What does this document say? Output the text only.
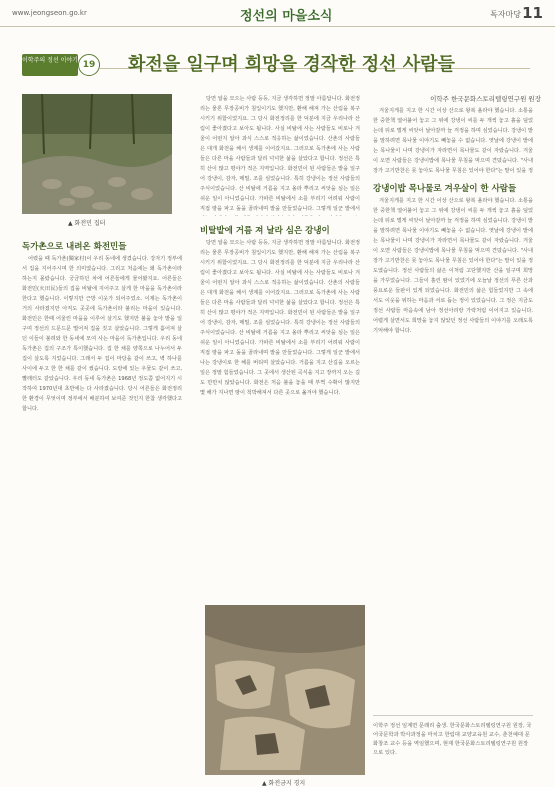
www.jeongseon.go.kr	정선의 마을소식	독자마당 11
이학주의 정선 이야기 19 화전을 일구며 희망을 경작한 정선 사람들
이학주 한국문화스토리텔링연구원 원장
▲ 화전민 집터
독가촌으로 내려온 화전민들

어렸을 때 독가촌(獨家村)이 우리 동네에 생겼습니다. 강자기 정부에서 집을 지어주시며 한 의미였습니다. 그리고 처음에는 왜 독가촌이라 하는지 몰랐습니다. 궁금하던 차에 어른들에게 물어봤지요. 어른들은 화전민(火田民)들의 집을 비탈에 지어주고 살게 한 마을을 독가촌이라 한다고 했습니다. 이렇지만 근방 이웃가 되어주었소. 이제는 독가촌이 거의 사라졌지만 아직도 곳곳에 독가촌이라 불리는 마을이 있습니다. 화전민은 한때 어울린 마을을 이루어 살기도 했지만 불을 놓아 밭을 일구며 정선의 드문드문 떨어져 집을 짓고 살았습니다. 그렇게 흩어져 살던 이들이 불려와 한 동네에 모여 사는 마을이 독가촌입니다. 우리 동네 독가촌은 집의 구조가 특이했습니다. 집 한 채를 양쪽으로 나누어서 두 집이 살도록 지었습니다. 그래서 두 집이 마당을 같이 쓰고, 벽 하나를 사이에 두고 한 한 채를 같이 썼습니다. 도랑에 있는 우물도 같이 쓰고, 빨래터도 같았습니다. 우리 동네 독가촌은 1968년 정도쯤 없어지기 시작하여 1970년대 초반에는 다 사라졌습니다. 당시 어른들은 화전정리 한 환경이 무엇이며 정부에서 배분하여 보여준 것인지 한참 생각했다고 합니다.

당면 알을 모으는 사람 등등, 지금 생각하면 정말 아름답니다. 화전정리는 물론 무장공비가 침입이기도 했지만, 환해 해져 가는 산림을 복구시키기 위함이었지요. 그 당시 화전정리를 한 덕분에 지금 우리나라 산림이 좋아졌다고 보아도 됩니다. 사실 비탈에 사는 사람들도 비로나 겨울이 어떤지 알아 과식 스스로 적응하는 삶이었습니다. 산촌의 사람들은 대개 화전을 해서 생계를 이어갔지요. 그러므로 독가촌에 사는 사람들은 다른 마을 사람들과 달리 넉넉한 삶을 살았다고 합니다. 정선은 특히 산이 많고 평야가 적은 지역입니다. 화전민이 된 사람들은 밭을 일구어 강냉이, 감자, 메밀, 조를 심었습니다. 특히 강냉이는 정선 사람들의 주식이었습니다. 산 비탈에 거름을 지고 올라 뿌리고 씨앗을 심는 일은 쉬운 일이 아니었습니다. 가파른 비탈에서 소를 부리기 어려워 사람이 직접 땅을 파고 돌을 골라내며 밭을 만들었습니다. 그렇게 일군 밭에서

비탈밭에 거름 져 날라 심은 강냉이

당면 알을 모으는 사람 등등, 지금 생각하면 정말 아름답니다. 화전정리는 물론 무장공비가 침입이기도 했지만, 환해 해져 가는 산림을 복구시키기 위함이었지요. 그 당시 화전정리를 한 덕분에 지금 우리나라 산림이 좋아졌다고 보아도 됩니다. 사실 비탈에 사는 사람들도 비로나 겨울이 어떤지 알아 과식 스스로 적응하는 삶이었습니다. 산촌의 사람들은 대개 화전을 해서 생계를 이어갔지요. 그러므로 독가촌에 사는 사람들은 다른 마을 사람들과 달리 넉넉한 삶을 살았다고 합니다. 정선은 특히 산이 많고 평야가 적은 지역입니다. 화전민이 된 사람들은 밭을 일구어 강냉이, 감자, 메밀, 조를 심었습니다. 특히 강냉이는 정선 사람들의 주식이었습니다. 산 비탈에 거름을 지고 올라 뿌리고 씨앗을 심는 일은 쉬운 일이 아니었습니다. 가파른 비탈에서 소를 부리기 어려워 사람이 직접 땅을 파고 돌을 골라내며 밭을 만들었습니다. 그렇게 일군 밭에서 나는 강냉이로 한 해를 버티며 살았습니다. 거름을 지고 산길을 오르는 일은 정말 힘들었습니다. 그 곳에서 생산된 곡식을 지고 장까지 오는 길도 만만치 않았습니다. 화전은 처음 불을 놓을 때 부쩍 수확이 많지만 몇 해가 지나면 땅이 척박해져서 다른 곳으로 옮겨야 했습니다.

▲ 화전금지 경지

겨울지게를 지고 한 시간 이상 산으로 왕복 올라야 했습니다. 소통을 한 중한책 열어붙어 놓고 그 위에 강냉이 씨를 두 개씩 놓고 흙을 덮었는데 뒤로 벌게 씨앗이 날아갈까 늘 걱정을 하며 심었습니다. 강냉이 밭을 말하려면 목나물 이야기도 빼놓을 수 없습니다. 엿날에 강냉이 밭에는 목나물이 나며 강냉이가 자라면서 목나물도 같이 자랐습니다. 겨울이 오면 사람들은 강냉이밥에 목나물 무침을 먹으며 견뎠습니다. "사내 장가 고기반찬은 못 놓아도 목나물 무침은 있어야 한다"는 말이 있을 정

강냉이밥 목나물로 겨우살이 한 사람들

겨울지게를 지고 한 시간 이상 산으로 왕복 올라야 했습니다. 소통을 한 중한책 열어붙어 놓고 그 위에 강냉이 씨를 두 개씩 놓고 흙을 덮었는데 뒤로 벌게 씨앗이 날아갈까 늘 걱정을 하며 심었습니다. 강냉이 밭을 말하려면 목나물 이야기도 빼놓을 수 없습니다. 엿날에 강냉이 밭에는 목나물이 나며 강냉이가 자라면서 목나물도 같이 자랐습니다. 겨울이 오면 사람들은 강냉이밥에 목나물 무침을 먹으며 견뎠습니다. "사내 장가 고기반찬은 못 놓아도 목나물 무침은 있어야 한다"는 말이 있을 정도였습니다. 정선 사람들의 삶은 이처럼 고단했지만 산을 일구며 희망을 가꾸었습니다. 그들이 흘린 땀이 있었기에 오늘날 정선의 푸른 산과 풍요로운 들판이 있게 되었습니다. 화전민의 삶은 힘들었지만 그 속에서도 이웃을 위하는 마음과 서로 돕는 정이 있었습니다. 그 정은 지금도 정선 사람들 마음속에 남아 정선아리랑 가락처럼 이어지고 있습니다. 어렵게 살면서도 희망을 놓지 않았던 정선 사람들의 이야기를 오래도록 기억해야 합니다.

이학주 정선 임계면 문래리 출생. 한국문화스토리텔링연구원 원장, 국어국문학과 박사과정을 마치고 한림대 교양교육원 교수, 춘천예대 문화창조 교수 등을 역임했으며, 현재 한국문화스토리텔링연구원 원장으로 있다.
